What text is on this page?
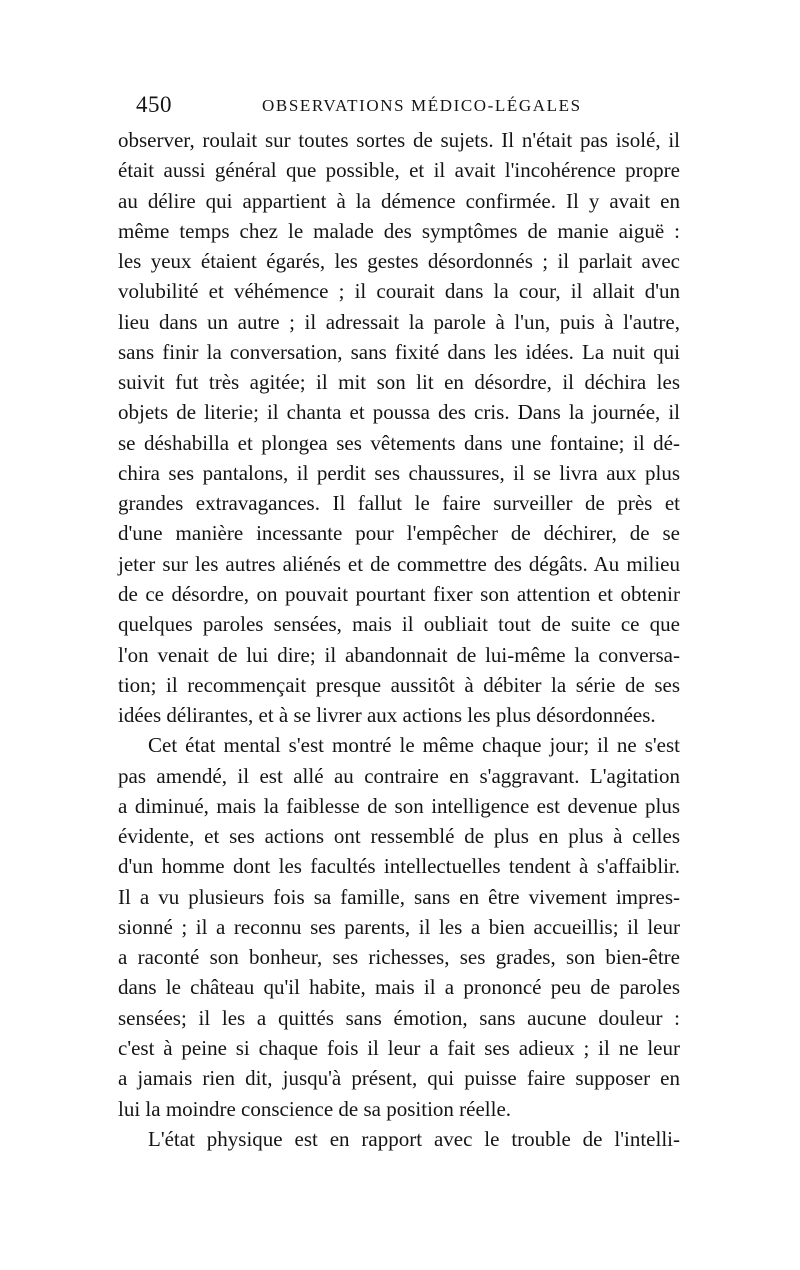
450	OBSERVATIONS MÉDICO-LÉGALES
observer, roulait sur toutes sortes de sujets. Il n'était pas isolé, il
était aussi général que possible, et il avait l'incohérence propre
au délire qui appartient à la démence confirmée. Il y avait en
même temps chez le malade des symptômes de manie aiguë :
les yeux étaient égarés, les gestes désordonnés ; il parlait avec
volubilité et véhémence ; il courait dans la cour, il allait d'un
lieu dans un autre ; il adressait la parole à l'un, puis à l'autre,
sans finir la conversation, sans fixité dans les idées. La nuit qui
suivit fut très agitée; il mit son lit en désordre, il déchira les
objets de literie; il chanta et poussa des cris. Dans la journée, il
se déshabilla et plongea ses vêtements dans une fontaine; il dé-
chira ses pantalons, il perdit ses chaussures, il se livra aux plus
grandes extravagances. Il fallut le faire surveiller de près et
d'une manière incessante pour l'empêcher de déchirer, de se
jeter sur les autres aliénés et de commettre des dégâts. Au milieu
de ce désordre, on pouvait pourtant fixer son attention et obtenir
quelques paroles sensées, mais il oubliait tout de suite ce que
l'on venait de lui dire; il abandonnait de lui-même la conversa-
tion; il recommençait presque aussitôt à débiter la série de ses
idées délirantes, et à se livrer aux actions les plus désordonnées.
Cet état mental s'est montré le même chaque jour; il ne s'est
pas amendé, il est allé au contraire en s'aggravant. L'agitation
a diminué, mais la faiblesse de son intelligence est devenue plus
évidente, et ses actions ont ressemblé de plus en plus à celles
d'un homme dont les facultés intellectuelles tendent à s'affaiblir.
Il a vu plusieurs fois sa famille, sans en être vivement impres-
sionné ; il a reconnu ses parents, il les a bien accueillis; il leur
a raconté son bonheur, ses richesses, ses grades, son bien-être
dans le château qu'il habite, mais il a prononcé peu de paroles
sensées; il les a quittés sans émotion, sans aucune douleur :
c'est à peine si chaque fois il leur a fait ses adieux ; il ne leur
a jamais rien dit, jusqu'à présent, qui puisse faire supposer en
lui la moindre conscience de sa position réelle.
L'état physique est en rapport avec le trouble de l'intelli-
